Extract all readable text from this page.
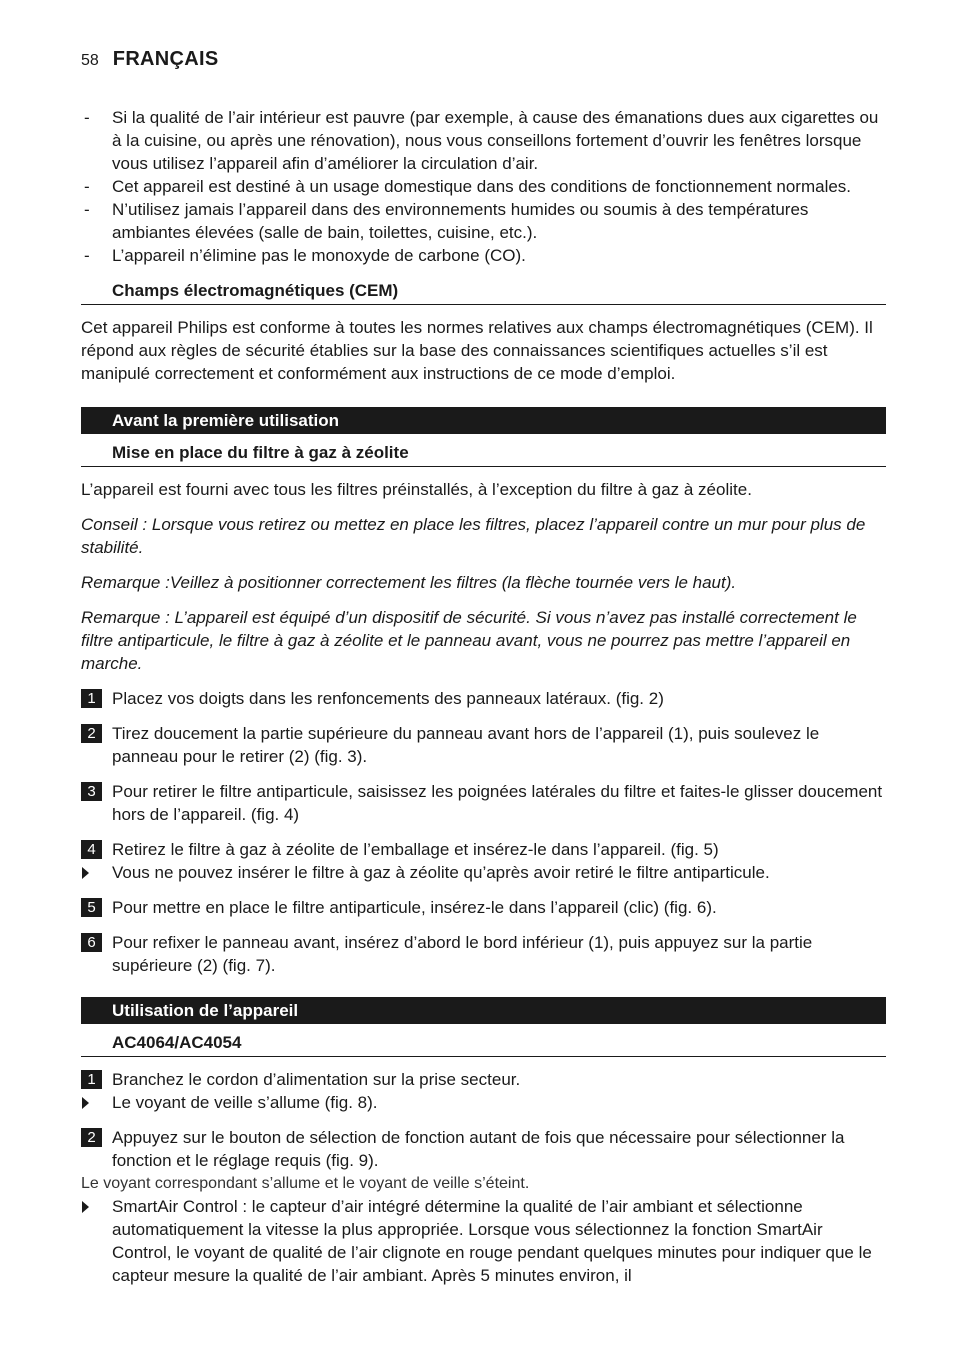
58 FRANÇAIS
- Si la qualité de l’air intérieur est pauvre (par exemple, à cause des émanations dues aux cigarettes ou à la cuisine, ou après une rénovation), nous vous conseillons fortement d’ouvrir les fenêtres lorsque vous utilisez l’appareil afin d’améliorer la circulation d’air.
- Cet appareil est destiné à un usage domestique dans des conditions de fonctionnement normales.
- N’utilisez jamais l’appareil dans des environnements humides ou soumis à des températures ambiantes élevées (salle de bain, toilettes, cuisine, etc.).
- L’appareil n’élimine pas le monoxyde de carbone (CO).
Champs électromagnétiques (CEM)

Cet appareil Philips est conforme à toutes les normes relatives aux champs électromagnétiques (CEM). Il répond aux règles de sécurité établies sur la base des connaissances scientifiques actuelles s’il est manipulé correctement et conformément aux instructions de ce mode d’emploi.

Avant la première utilisation
Mise en place du filtre à gaz à zéolite

L’appareil est fourni avec tous les filtres préinstallés, à l’exception du filtre à gaz à zéolite.

Conseil : Lorsque vous retirez ou mettez en place les filtres, placez l’appareil contre un mur pour plus de stabilité.

Remarque :Veillez à positionner correctement les filtres (la flèche tournée vers le haut).

Remarque : L’appareil est équipé d’un dispositif de sécurité. Si vous n’avez pas installé correctement le filtre antiparticule, le filtre à gaz à zéolite et le panneau avant, vous ne pourrez pas mettre l’appareil en marche.

1 Placez vos doigts dans les renfoncements des panneaux latéraux. (fig. 2)
2 Tirez doucement la partie supérieure du panneau avant hors de l’appareil (1), puis soulevez le panneau pour le retirer (2) (fig. 3).
3 Pour retirer le filtre antiparticule, saisissez les poignées latérales du filtre et faites-le glisser doucement hors de l’appareil. (fig. 4)
4 Retirez le filtre à gaz à zéolite de l’emballage et insérez-le dans l’appareil. (fig. 5)
Vous ne pouvez insérer le filtre à gaz à zéolite qu’après avoir retiré le filtre antiparticule.
5 Pour mettre en place le filtre antiparticule, insérez-le dans l’appareil (clic) (fig. 6).
6 Pour refixer le panneau avant, insérez d’abord le bord inférieur (1), puis appuyez sur la partie supérieure (2) (fig. 7).
Utilisation de l’appareil
AC4064/AC4054
1 Branchez le cordon d’alimentation sur la prise secteur.
Le voyant de veille s’allume (fig. 8).
2 Appuyez sur le bouton de sélection de fonction autant de fois que nécessaire pour sélectionner la fonction et le réglage requis (fig. 9).

Le voyant correspondant s’allume et le voyant de veille s’éteint.

SmartAir Control : le capteur d’air intégré détermine la qualité de l’air ambiant et sélectionne automatiquement la vitesse la plus appropriée. Lorsque vous sélectionnez la fonction SmartAir Control, le voyant de qualité de l’air clignote en rouge pendant quelques minutes pour indiquer que le capteur mesure la qualité de l’air ambiant. Après 5 minutes environ, il
